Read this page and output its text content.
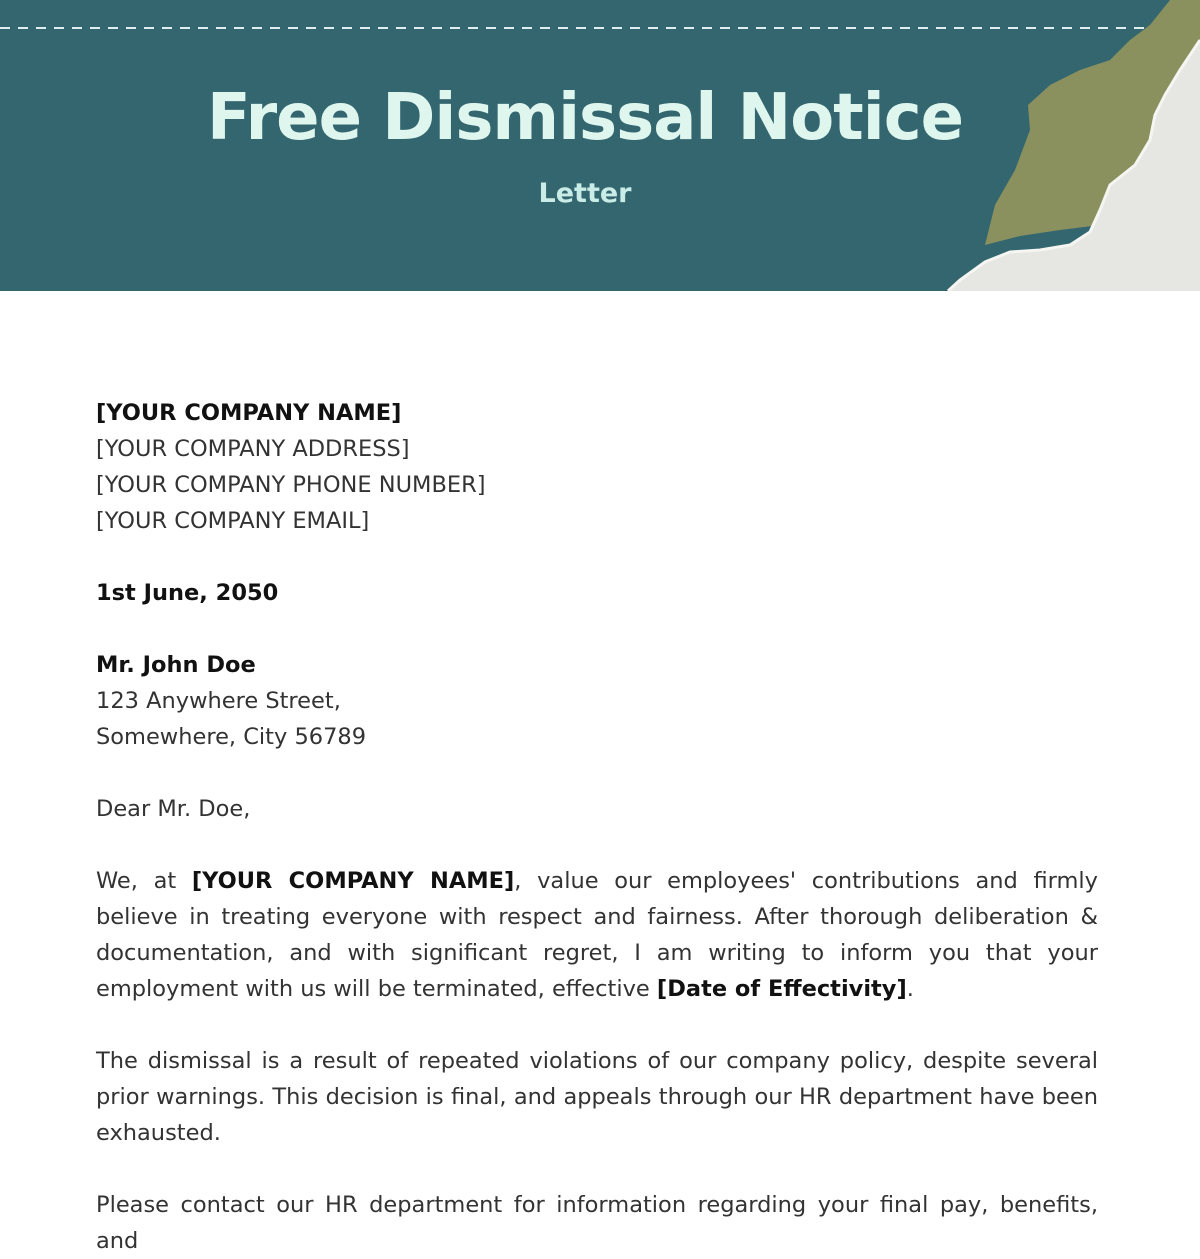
Free Dismissal Notice
Letter
[YOUR COMPANY NAME]
[YOUR COMPANY ADDRESS]
[YOUR COMPANY PHONE NUMBER]
[YOUR COMPANY EMAIL]
1st June, 2050
Mr. John Doe
123 Anywhere Street,
Somewhere, City 56789
Dear Mr. Doe,

We, at [YOUR COMPANY NAME], value our employees' contributions and firmly believe in treating everyone with respect and fairness. After thorough deliberation & documentation, and with significant regret, I am writing to inform you that your employment with us will be terminated, effective [Date of Effectivity].

The dismissal is a result of repeated violations of our company policy, despite several prior warnings. This decision is final, and appeals through our HR department have been exhausted.

Please contact our HR department for information regarding your final pay, benefits, and
